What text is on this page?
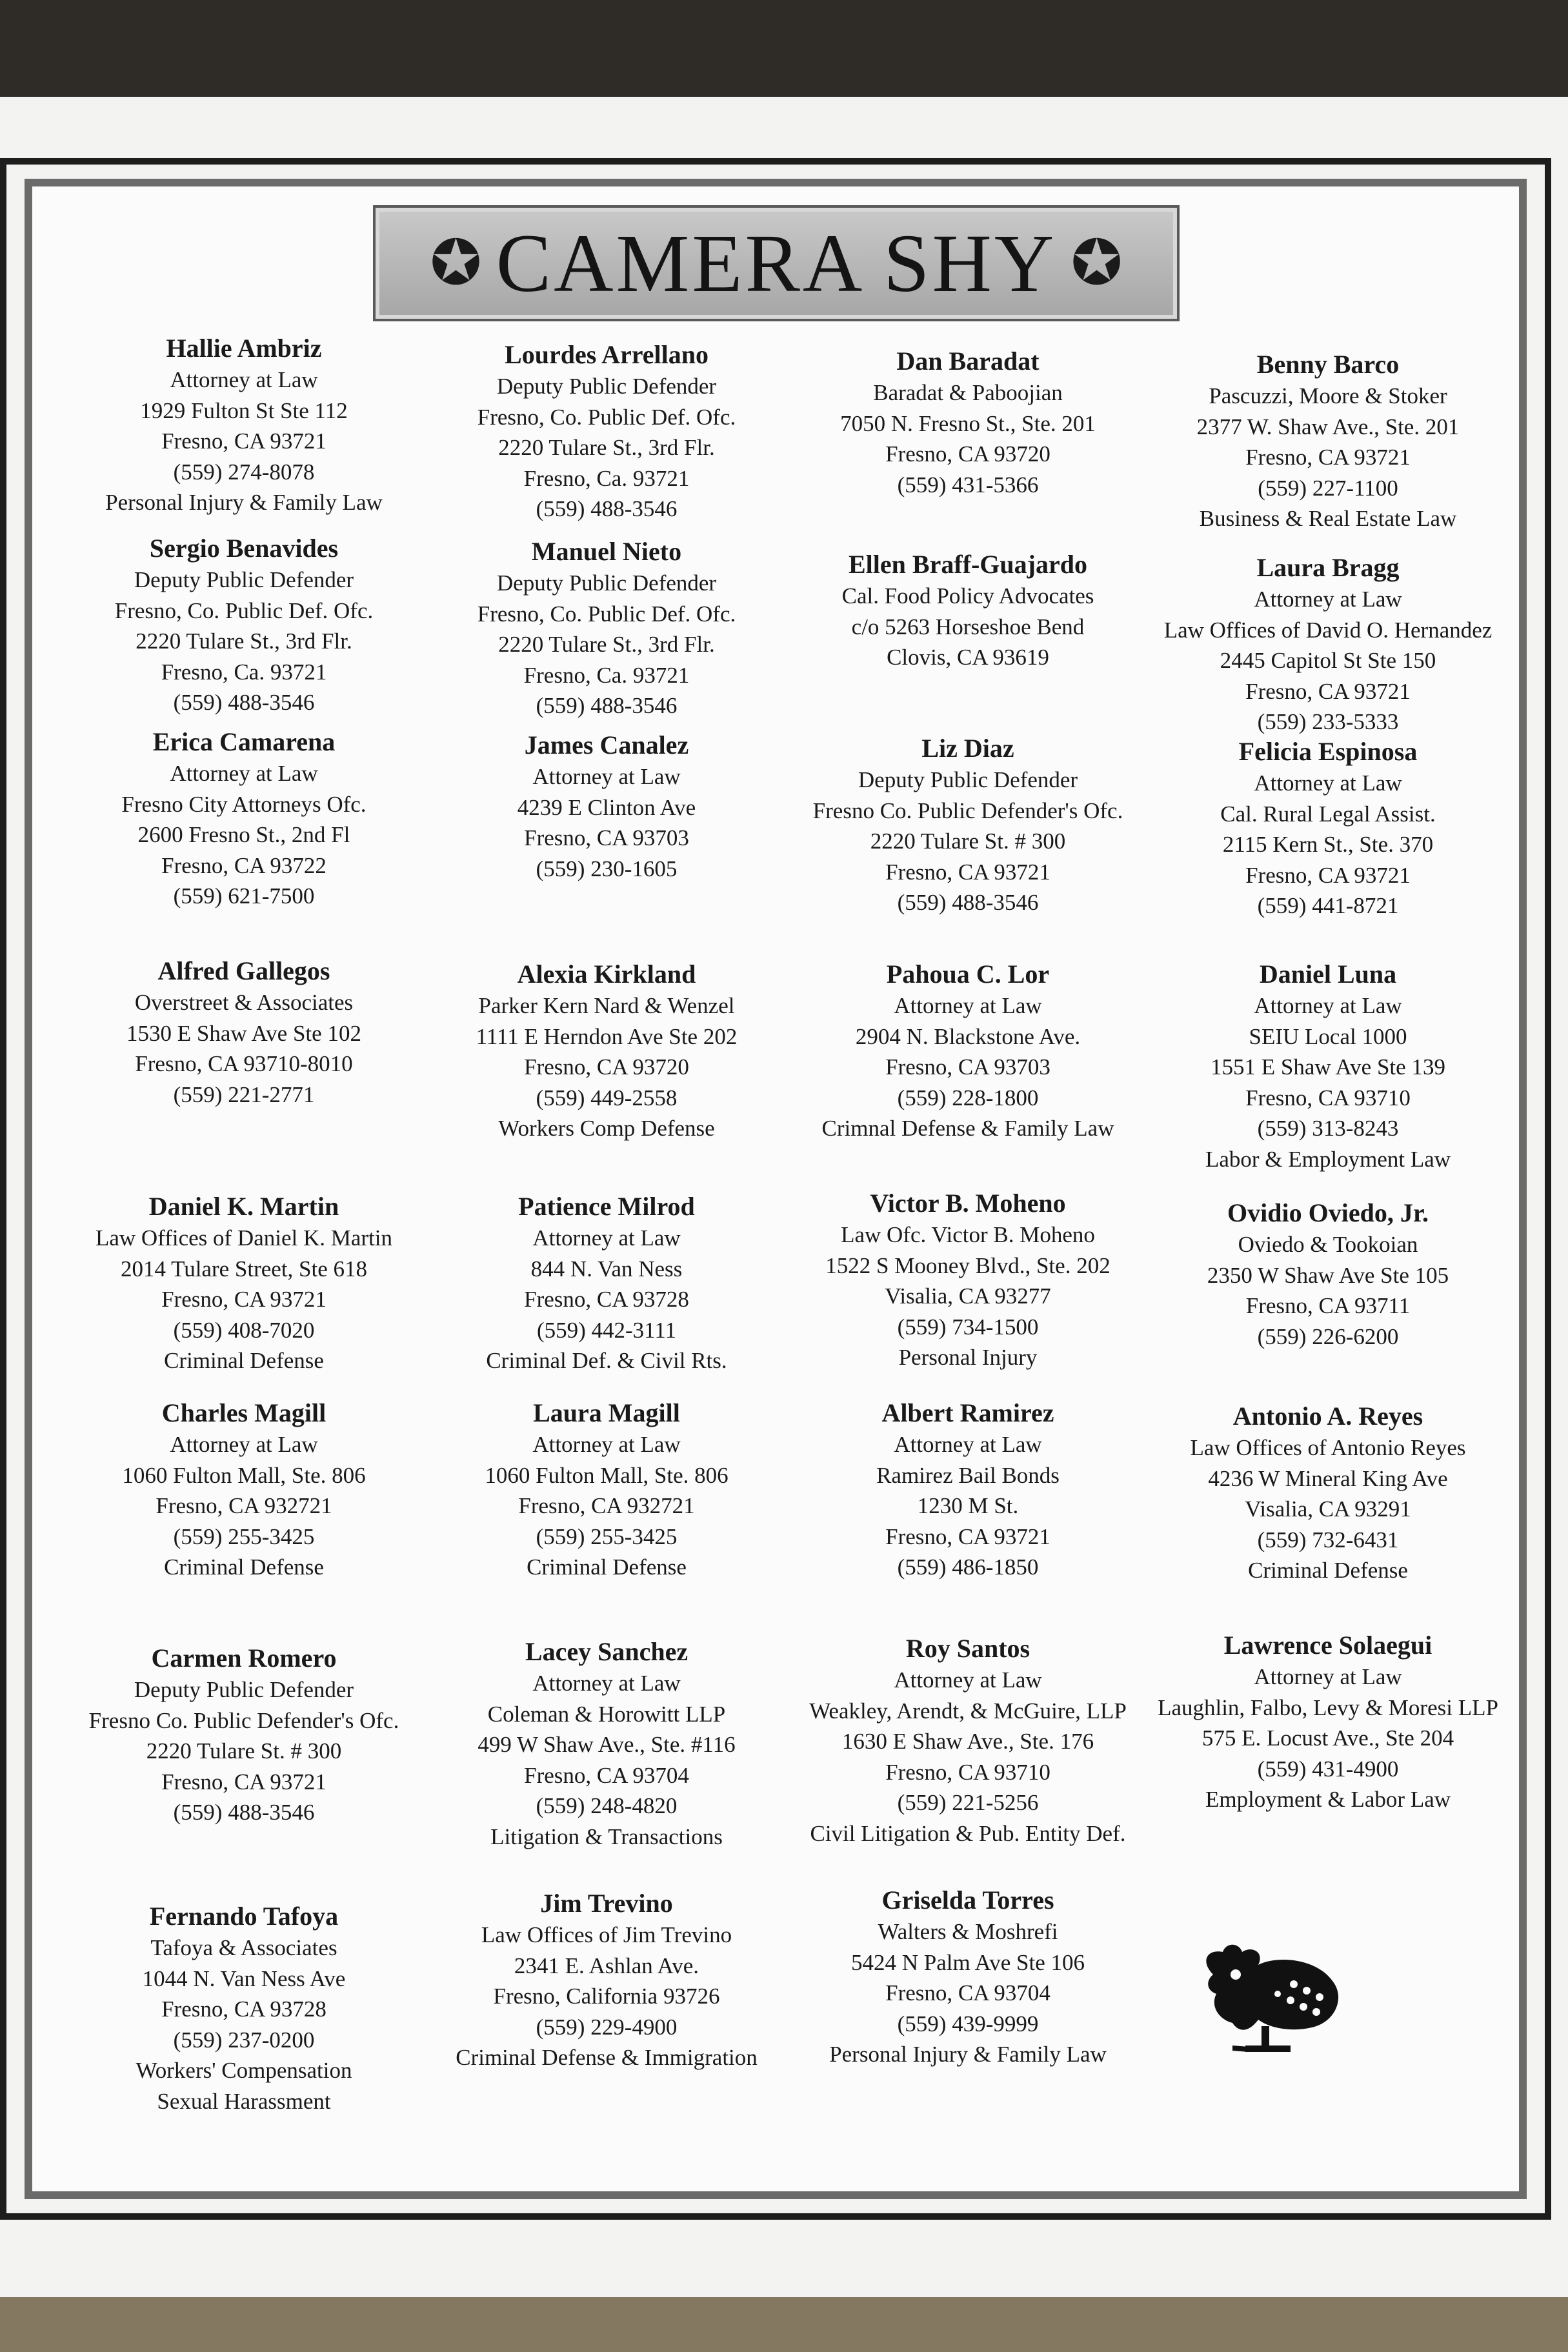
✪ CAMERA SHY ✪
Hallie Ambriz
Attorney at Law
1929 Fulton St Ste 112
Fresno, CA 93721
(559) 274-8078
Personal Injury & Family Law
Lourdes Arrellano
Deputy Public Defender
Fresno, Co. Public Def. Ofc.
2220 Tulare St., 3rd Flr.
Fresno, Ca. 93721
(559) 488-3546
Dan Baradat
Baradat & Paboojian
7050 N. Fresno St., Ste. 201
Fresno, CA 93720
(559) 431-5366
Benny Barco
Pascuzzi, Moore & Stoker
2377 W. Shaw Ave., Ste. 201
Fresno, CA 93721
(559) 227-1100
Business & Real Estate Law
Sergio Benavides
Deputy Public Defender
Fresno, Co. Public Def. Ofc.
2220 Tulare St., 3rd Flr.
Fresno, Ca. 93721
(559) 488-3546
Manuel Nieto
Deputy Public Defender
Fresno, Co. Public Def. Ofc.
2220 Tulare St., 3rd Flr.
Fresno, Ca. 93721
(559) 488-3546
Ellen Braff-Guajardo
Cal. Food Policy Advocates
c/o 5263 Horseshoe Bend
Clovis, CA 93619
Laura Bragg
Attorney at Law
Law Offices of David O. Hernandez
2445 Capitol St Ste 150
Fresno, CA 93721
(559) 233-5333
Erica Camarena
Attorney at Law
Fresno City Attorneys Ofc.
2600 Fresno St., 2nd Fl
Fresno, CA 93722
(559) 621-7500
James Canalez
Attorney at Law
4239 E Clinton Ave
Fresno, CA 93703
(559) 230-1605
Liz Diaz
Deputy Public Defender
Fresno Co. Public Defender's Ofc.
2220 Tulare St. # 300
Fresno, CA 93721
(559) 488-3546
Felicia Espinosa
Attorney at Law
Cal. Rural Legal Assist.
2115 Kern St., Ste. 370
Fresno, CA 93721
(559) 441-8721
Alfred Gallegos
Overstreet & Associates
1530 E Shaw Ave Ste 102
Fresno, CA 93710-8010
(559) 221-2771
Alexia Kirkland
Parker Kern Nard & Wenzel
1111 E Herndon Ave Ste 202
Fresno, CA 93720
(559) 449-2558
Workers Comp Defense
Pahoua C. Lor
Attorney at Law
2904 N. Blackstone Ave.
Fresno, CA 93703
(559) 228-1800
Crimnal Defense & Family Law
Daniel Luna
Attorney at Law
SEIU Local 1000
1551 E Shaw Ave Ste 139
Fresno, CA 93710
(559) 313-8243
Labor & Employment Law
Daniel K. Martin
Law Offices of Daniel K. Martin
2014 Tulare Street, Ste 618
Fresno, CA 93721
(559) 408-7020
Criminal Defense
Patience Milrod
Attorney at Law
844 N. Van Ness
Fresno, CA 93728
(559) 442-3111
Criminal Def. & Civil Rts.
Victor B. Moheno
Law Ofc. Victor B. Moheno
1522 S Mooney Blvd., Ste. 202
Visalia, CA 93277
(559) 734-1500
Personal Injury
Ovidio Oviedo, Jr.
Oviedo & Tookoian
2350 W Shaw Ave Ste 105
Fresno, CA 93711
(559) 226-6200
Charles Magill
Attorney at Law
1060 Fulton Mall, Ste. 806
Fresno, CA 932721
(559) 255-3425
Criminal Defense
Laura Magill
Attorney at Law
1060 Fulton Mall, Ste. 806
Fresno, CA 932721
(559) 255-3425
Criminal Defense
Albert Ramirez
Attorney at Law
Ramirez Bail Bonds
1230 M St.
Fresno, CA 93721
(559) 486-1850
Antonio A. Reyes
Law Offices of Antonio Reyes
4236 W Mineral King Ave
Visalia, CA 93291
(559) 732-6431
Criminal Defense
Carmen Romero
Deputy Public Defender
Fresno Co. Public Defender's Ofc.
2220 Tulare St. # 300
Fresno, CA 93721
(559) 488-3546
Lacey Sanchez
Attorney at Law
Coleman & Horowitt LLP
499 W Shaw Ave., Ste. #116
Fresno, CA 93704
(559) 248-4820
Litigation & Transactions
Roy Santos
Attorney at Law
Weakley, Arendt, & McGuire, LLP
1630 E Shaw Ave., Ste. 176
Fresno, CA 93710
(559) 221-5256
Civil Litigation & Pub. Entity Def.
Lawrence Solaegui
Attorney at Law
Laughlin, Falbo, Levy & Moresi LLP
575 E. Locust Ave., Ste 204
(559) 431-4900
Employment & Labor Law
Fernando Tafoya
Tafoya & Associates
1044 N. Van Ness Ave
Fresno, CA 93728
(559) 237-0200
Workers' Compensation
Sexual Harassment
Jim Trevino
Law Offices of Jim Trevino
2341 E. Ashlan Ave.
Fresno, California 93726
(559) 229-4900
Criminal Defense & Immigration
Griselda Torres
Walters & Moshrefi
5424 N Palm Ave Ste 106
Fresno, CA 93704
(559) 439-9999
Personal Injury & Family Law
